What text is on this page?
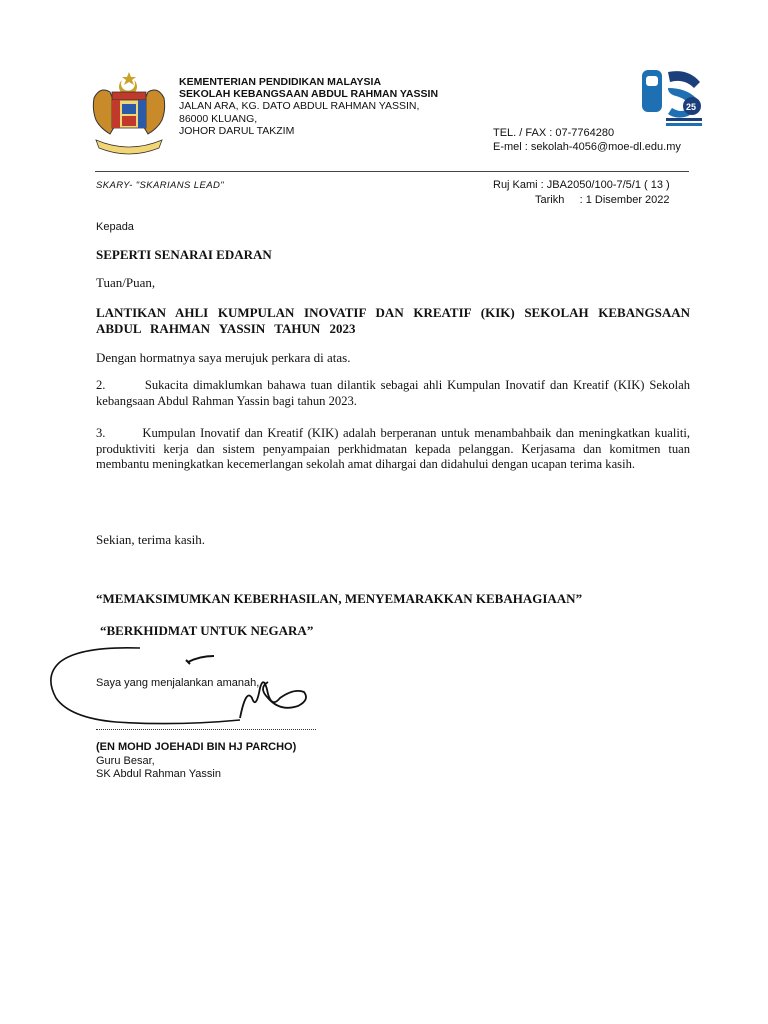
KEMENTERIAN PENDIDIKAN MALAYSIA
SEKOLAH KEBANGSAAN ABDUL RAHMAN YASSIN
JALAN ARA, KG. DATO ABDUL RAHMAN YASSIN,
86000 KLUANG,
JOHOR DARUL TAKZIM
25
TEL. / FAX : 07-7764280
E-mel : sekolah-4056@moe-dl.edu.my
SKARY- "SKARIANS LEAD"	Ruj Kami : JBA2050/100-7/5/1 ( 13 )
Tarikh     : 1 Disember 2022
Kepada
SEPERTI SENARAI EDARAN
Tuan/Puan,
LANTIKAN AHLI KUMPULAN INOVATIF DAN KREATIF (KIK) SEKOLAH KEBANGSAAN ABDUL RAHMAN YASSIN TAHUN 2023
Dengan hormatnya saya merujuk perkara di atas.
2.        Sukacita dimaklumkan bahawa tuan dilantik sebagai ahli Kumpulan Inovatif dan Kreatif (KIK) Sekolah kebangsaan Abdul Rahman Yassin bagi tahun 2023.
3.        Kumpulan Inovatif dan Kreatif (KIK) adalah berperanan untuk menambahbaik dan meningkatkan kualiti, produktiviti kerja dan sistem penyampaian perkhidmatan kepada pelanggan. Kerjasama dan komitmen tuan membantu meningkatkan kecemerlangan sekolah amat dihargai dan didahului dengan ucapan terima kasih.
Sekian, terima kasih.
“MEMAKSIMUMKAN KEBERHASILAN, MENYEMARAKKAN KEBAHAGIAAN”
“BERKHIDMAT UNTUK NEGARA”
Saya yang menjalankan amanah,
(EN MOHD JOEHADI BIN HJ PARCHO)
Guru Besar,
SK Abdul Rahman Yassin
